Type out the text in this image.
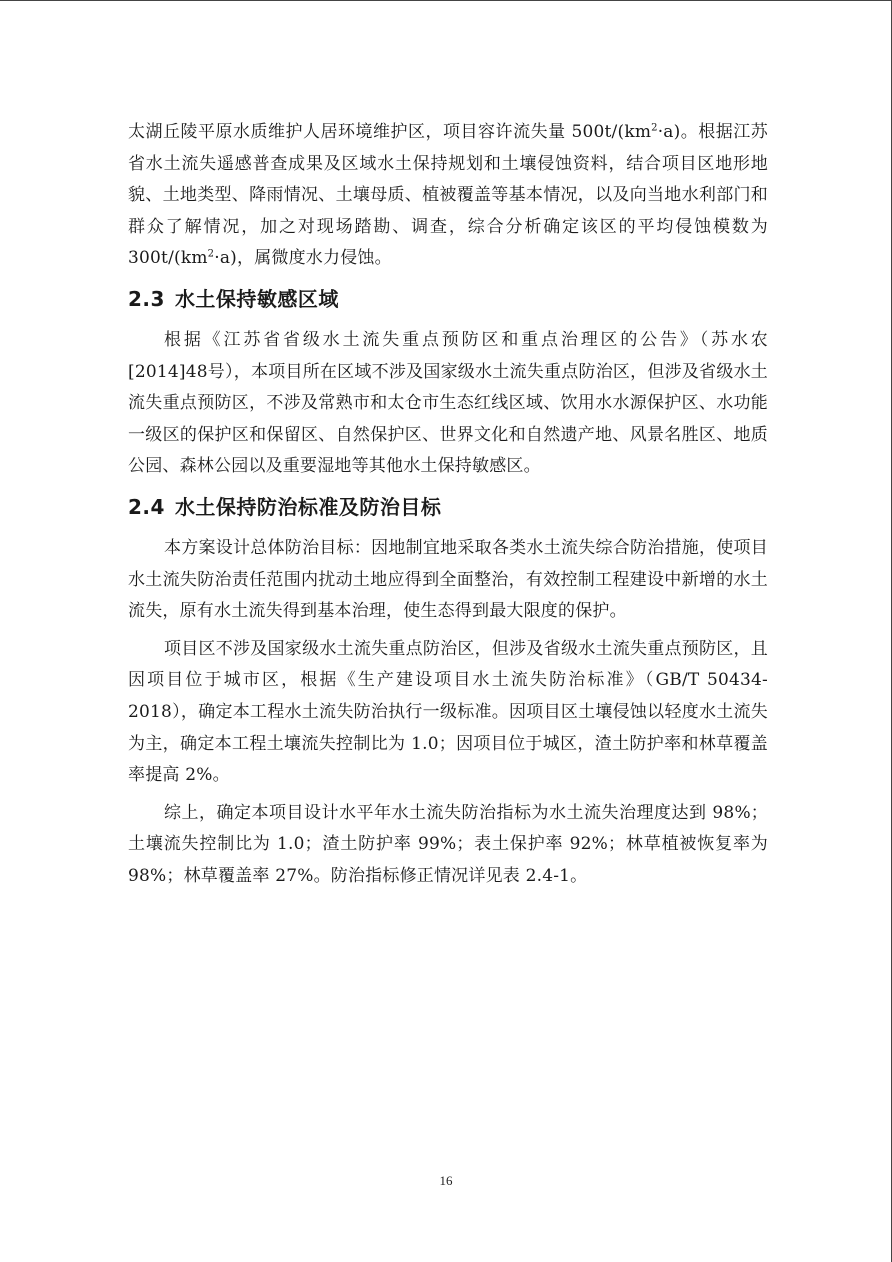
太湖丘陵平原水质维护人居环境维护区，项目容许流失量 $500t/(km^2\cdot a)$。根据江苏省水土流失遥感普查成果及区域水土保持规划和土壤侵蚀资料，结合项目区地形地貌、土地类型、降雨情况、土壤母质、植被覆盖等基本情况，以及向当地水利部门和群众了解情况，加之对现场踏勘、调查，综合分析确定该区的平均侵蚀模数为 $300t/(km^2\cdot a)$，属微度水力侵蚀。

2.3 水土保持敏感区域

根据《江苏省省级水土流失重点预防区和重点治理区的公告》（苏水农[2014]48号），本项目所在区域不涉及国家级水土流失重点防治区，但涉及省级水土流失重点预防区，不涉及常熟市和太仓市生态红线区域、饮用水水源保护区、水功能一级区的保护区和保留区、自然保护区、世界文化和自然遗产地、风景名胜区、地质公园、森林公园以及重要湿地等其他水土保持敏感区。

2.4 水土保持防治标准及防治目标

本方案设计总体防治目标：因地制宜地采取各类水土流失综合防治措施，使项目水土流失防治责任范围内扰动土地应得到全面整治，有效控制工程建设中新增的水土流失，原有水土流失得到基本治理，使生态得到最大限度的保护。

项目区不涉及国家级水土流失重点防治区，但涉及省级水土流失重点预防区，且因项目位于城市区，根据《生产建设项目水土流失防治标准》（GB/T 50434-2018），确定本工程水土流失防治执行一级标准。因项目区土壤侵蚀以轻度水土流失为主，确定本工程土壤流失控制比为 1.0；因项目位于城区，渣土防护率和林草覆盖率提高 2%。

综上，确定本项目设计水平年水土流失防治指标为水土流失治理度达到 98%；土壤流失控制比为 1.0；渣土防护率 99%；表土保护率 92%；林草植被恢复率为 98%；林草覆盖率 27%。防治指标修正情况详见表 2.4-1。

16
